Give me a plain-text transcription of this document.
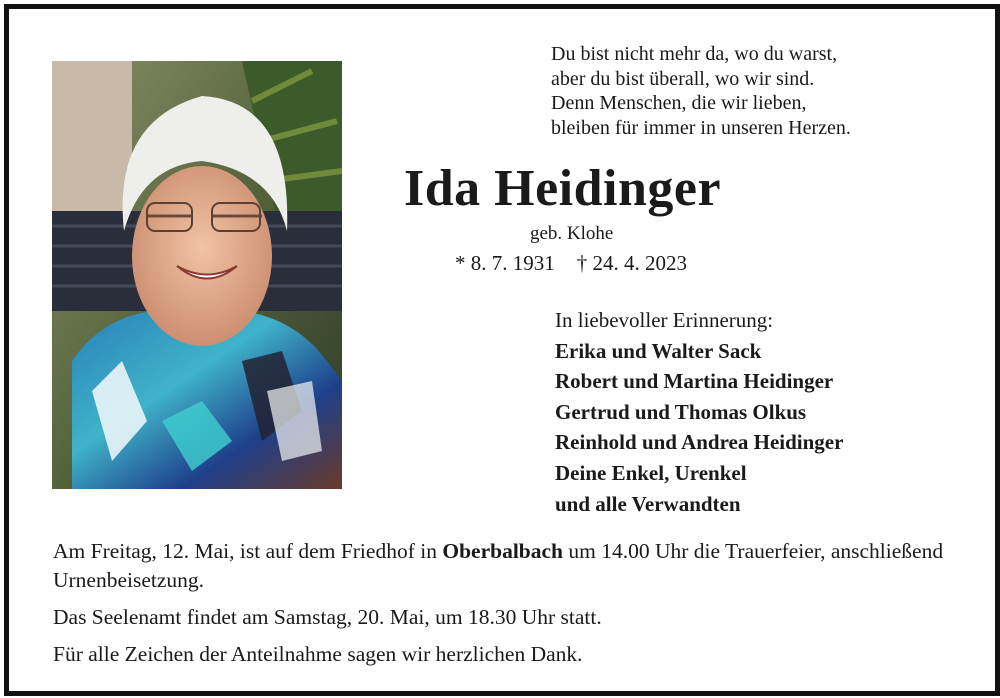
Du bist nicht mehr da, wo du warst,
aber du bist überall, wo wir sind.
Denn Menschen, die wir lieben,
bleiben für immer in unseren Herzen.
Ida Heidinger
geb. Klohe
* 8. 7. 1931 † 24. 4. 2023
In liebevoller Erinnerung:
Erika und Walter Sack
Robert und Martina Heidinger
Gertrud und Thomas Olkus
Reinhold und Andrea Heidinger
Deine Enkel, Urenkel
und alle Verwandten
Am Freitag, 12. Mai, ist auf dem Friedhof in Oberbalbach um 14.00 Uhr die Trauerfeier, anschließend Urnenbeisetzung.
Das Seelenamt findet am Samstag, 20. Mai, um 18.30 Uhr statt.
Für alle Zeichen der Anteilnahme sagen wir herzlichen Dank.
